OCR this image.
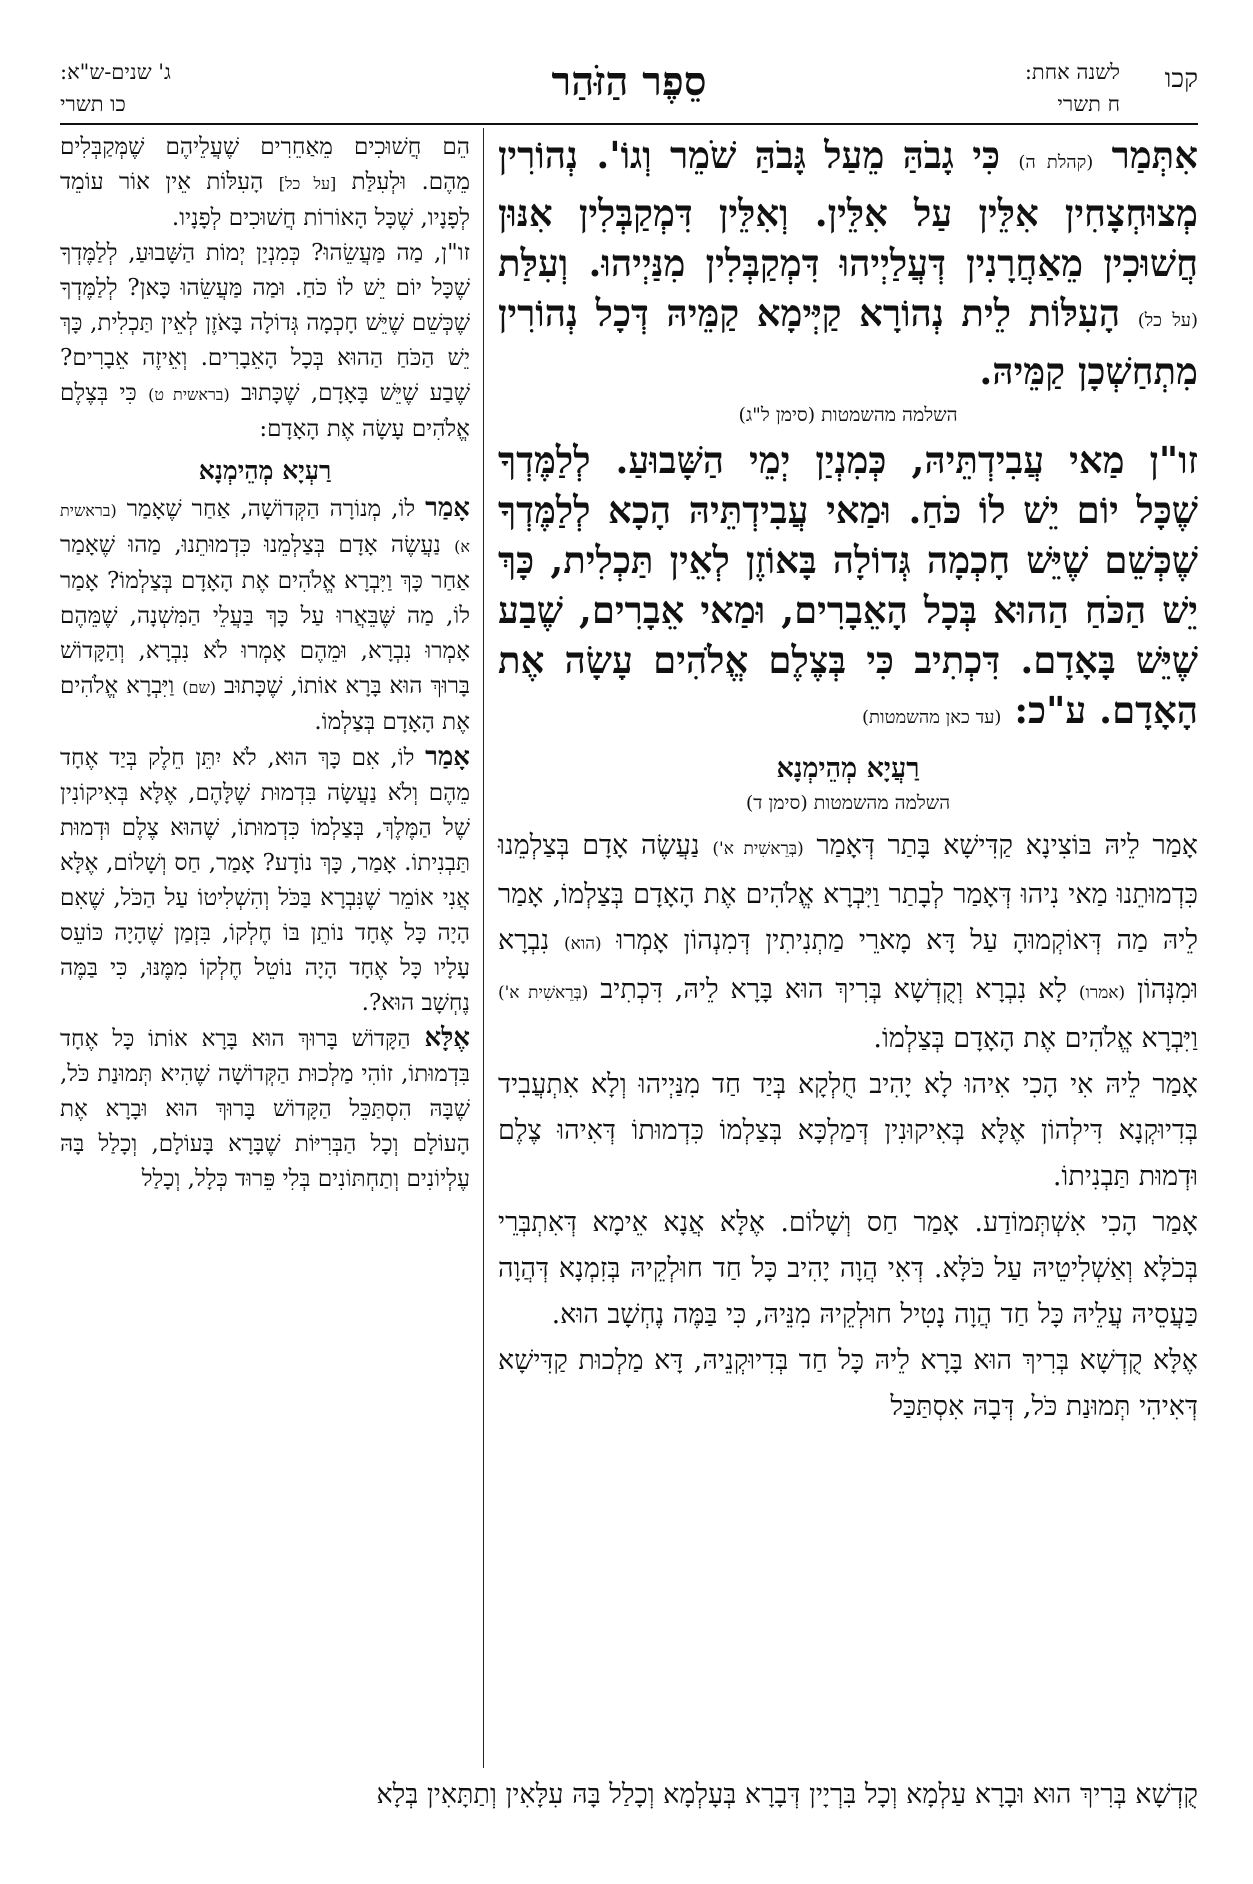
קכו
לשנה אחת:
ח תשרי
סֵפֶר הַזֹּהַר
ג' שנים-ש"א:
כו תשרי

אִתְּמַר (קהלת ה) כִּי גָבֹהַּ מֵעַל גָּבֹהַּ שֹׁמֵר וְגוֹ'. נְהוֹרִין מְצוּחְצָחִין אִלֵּין עַל אִלֵּין. וְאִלֵּין דִּמְקַבְּלִין אִנּוּן חֲשׁוּכִין מֵאַחֲרָנִין דְּעֲלַיְיהוּ דִּמְקַבְּלִין מִנַּיְיהוּ. וְעִלַּת (על כל) הָעִלּוֹת לֵית נְהוֹרָא קַיְּימָא קַמֵּיהּ דְּכָל נְהוֹרִין מִתְחַשְׁכָן קַמֵּיהּ.

השלמה מהשמטות (סימן ל"ג)

זו"ן מַאי עֲבִידְתֵּיהּ, כְּמִנְיַן יְמֵי הַשָּׁבוּעַ. לְלַמֶּדְךָ שֶׁכָּל יוֹם יֵשׁ לוֹ כֹּחַ. וּמַאי עֲבִידְתֵּיהּ הָכָא לְלַמֶּדְךָ שֶׁכְּשֵׁם שֶׁיֵּשׁ חָכְמָה גְּדוֹלָה בָּאוֹזֶן לְאֵין תַּכְלִית, כָּךְ יֵשׁ הַכֹּחַ הַהוּא בְּכָל הָאֵבָרִים, וּמַאי אֵבָרִים, שֶׁבַע שֶׁיֵּשׁ בָּאָדָם. דִּכְתִיב כִּי בְּצֶלֶם אֱלֹהִים עָשָׂה אֶת הָאָדָם. ע"כ: (עד כאן מהשמטות)

רַעֲיָא מְהֵימְנָא
השלמה מהשמטות (סימן ד)

אָמַר לֵיהּ בּוֹצִינָא קַדִּישָׁא בָּתַר דְּאָמַר (בְּרֵאשִׁית א') נַעֲשֶׂה אָדָם בְּצַלְמֵנוּ כִּדְמוּתֵנוּ מַאי נִיהוּ דְּאָמַר לְבָתַר וַיִּבְרָא אֱלֹהִים אֶת הָאָדָם בְּצַלְמוֹ, אָמַר לֵיהּ מַה דְּאוֹקְמוּהָ עַל דָּא מָארֵי מַתְנִיתִין דְּמִנְהוֹן אָמְרוּ (הוא) נִבְרָא וּמִנְּהוֹן (אמרו) לָא נִבְרָא וְקֻדְשָׁא בְּרִיךְ הוּא בָּרָא לֵיהּ, דִּכְתִיב (בְּרֵאשִׁית א') וַיִּבְרָא אֱלֹהִים אֶת הָאָדָם בְּצַלְמוֹ.

אָמַר לֵיהּ אִי הָכִי אִיהוּ לָא יָהִיב חֻלְקָא בְּיַד חַד מִנַּיְיהוּ וְלָא אִתְעֲבִיד בְּדִיוּקְנָא דִּילְהוֹן אֶלָּא בְּאִיקוּנִין דְּמַלְכָּא בְּצַלְמוֹ כִּדְמוּתוֹ דְּאִיהוּ צֶלֶם וּדְמוּת תַּבְנִיתוֹ.

אָמַר הָכִי אִשְׁתְּמוֹדַע. אָמַר חַס וְשָׁלוֹם. אֶלָּא אֲנָא אֵימָא דְּאִתְבְּרֵי בְּכֹלָּא וְאַשְׁלִיטֵיהּ עַל כֹּלָּא. דְּאִי הֲוָה יָהִיב כָּל חַד חוּלְקֵיהּ בְּזִמְנָא דְּהֲוָה כַּעֲסֵיהּ עֲלֵיהּ כָּל חַד הֲוָה נָטִיל חוּלְקֵיהּ מִנֵּיהּ, כִּי בַּמֶּה נֶחְשָׁב הוּא.

אֶלָּא קֻדְשָׁא בְּרִיךְ הוּא בָּרָא לֵיהּ כָּל חַד בְּדִיוּקְנֵיהּ, דָּא מַלְכוּת קַדִּישָׁא דְּאִיהִי תְּמוּנַת כֹּל, דְּבָהּ אִסְתַּכַּל

הֵם חֲשׁוּכִים מֵאַחֵרִים שֶׁעֲלֵיהֶם שֶׁמְּקַבְּלִים מֵהֶם. וּלְעִלַּת [על כל] הָעִלּוֹת אֵין אוֹר עוֹמֵד לְפָנָיו, שֶׁכָּל הָאוֹרוֹת חֲשׁוּכִים לְפָנָיו.

זו"ן, מַה מַּעֲשֵׂהוּ? כְּמִנְיַן יְמוֹת הַשָּׁבוּעַ, לְלַמֶּדְךָ שֶׁכָּל יוֹם יֵשׁ לוֹ כֹּחַ. וּמַה מַּעֲשֵׂהוּ כָּאן? לְלַמֶּדְךָ שֶׁכְּשֵׁם שֶׁיֵּשׁ חָכְמָה גְּדוֹלָה בָּאֹזֶן לְאֵין תַּכְלִית, כָּךְ יֵשׁ הַכֹּחַ הַהוּא בְּכָל הָאֵבָרִים. וְאֵיזֶה אֵבָרִים? שֶׁבַע שֶׁיֵּשׁ בָּאָדָם, שֶׁכָּתוּב (בראשית ט) כִּי בְּצֶלֶם אֱלֹהִים עָשָׂה אֶת הָאָדָם:

רַעְיָא מְהֵימְנָא

אָמַר לוֹ, מְנוֹרָה הַקְּדוֹשָׁה, אַחַר שֶׁאָמַר (בראשית א) נַעֲשֶׂה אָדָם בְּצַלְמֵנוּ כִּדְמוּתֵנוּ, מַהוּ שֶׁאָמַר אַחַר כָּךְ וַיִּבְרָא אֱלֹהִים אֶת הָאָדָם בְּצַלְמוֹ? אָמַר לוֹ, מַה שֶּׁבֵּאֲרוּ עַל כָּךְ בַּעֲלֵי הַמִּשְׁנָה, שֶׁמֵּהֶם אָמְרוּ נִבְרָא, וּמֵהֶם אָמְרוּ לֹא נִבְרָא, וְהַקָּדוֹשׁ בָּרוּךְ הוּא בָּרָא אוֹתוֹ, שֶׁכָּתוּב (שם) וַיִּבְרָא אֱלֹהִים אֶת הָאָדָם בְּצַלְמוֹ.

אָמַר לוֹ, אִם כָּךְ הוּא, לֹא יִתֵּן חֵלֶק בְּיַד אֶחָד מֵהֶם וְלֹא נַעֲשָׂה בִּדְמוּת שֶׁלָּהֶם, אֶלָּא בְּאִיקוֹנִין שֶׁל הַמֶּלֶךְ, בְּצַלְמוֹ כִּדְמוּתוֹ, שֶׁהוּא צֶלֶם וּדְמוּת תַּבְנִיתוֹ. אָמַר, כָּךְ נוֹדָע? אָמַר, חַס וְשָׁלוֹם, אֶלָּא אֲנִי אוֹמֵר שֶׁנִּבְרָא בַּכֹּל וְהִשְׁלִיטוֹ עַל הַכֹּל, שֶׁאִם הָיָה כָּל אֶחָד נוֹתֵן בּוֹ חֶלְקוֹ, בִּזְמַן שֶׁהָיָה כּוֹעֵס עָלָיו כָּל אֶחָד הָיָה נוֹטֵל חֶלְקוֹ מִמֶּנּוּ, כִּי בַּמֶּה נֶחְשָׁב הוּא?.

אֶלָּא הַקָּדוֹשׁ בָּרוּךְ הוּא בָּרָא אוֹתוֹ כָּל אֶחָד בִּדְמוּתוֹ, זוֹהִי מַלְכוּת הַקְּדוֹשָׁה שֶׁהִיא תְּמוּנַת כֹּל, שֶׁבָּהּ הִסְתַּכֵּל הַקָּדוֹשׁ בָּרוּךְ הוּא וּבָרָא אֶת הָעוֹלָם וְכָל הַבְּרִיּוֹת שֶׁבָּרָא בָּעוֹלָם, וְכָלַל בָּהּ עֶלְיוֹנִים וְתַחְתּוֹנִים בְּלִי פֵּרוּד כְּלָל, וְכָלַל

קֻדְשָׁא בְּרִיךְ הוּא וּבָרָא עַלְמָא וְכָל בִּרְיָין דְּבָרָא בְּעָלְמָא וְכָלַל בָּהּ עִלָּאִין וְתַתָּאִין בְּלָא
